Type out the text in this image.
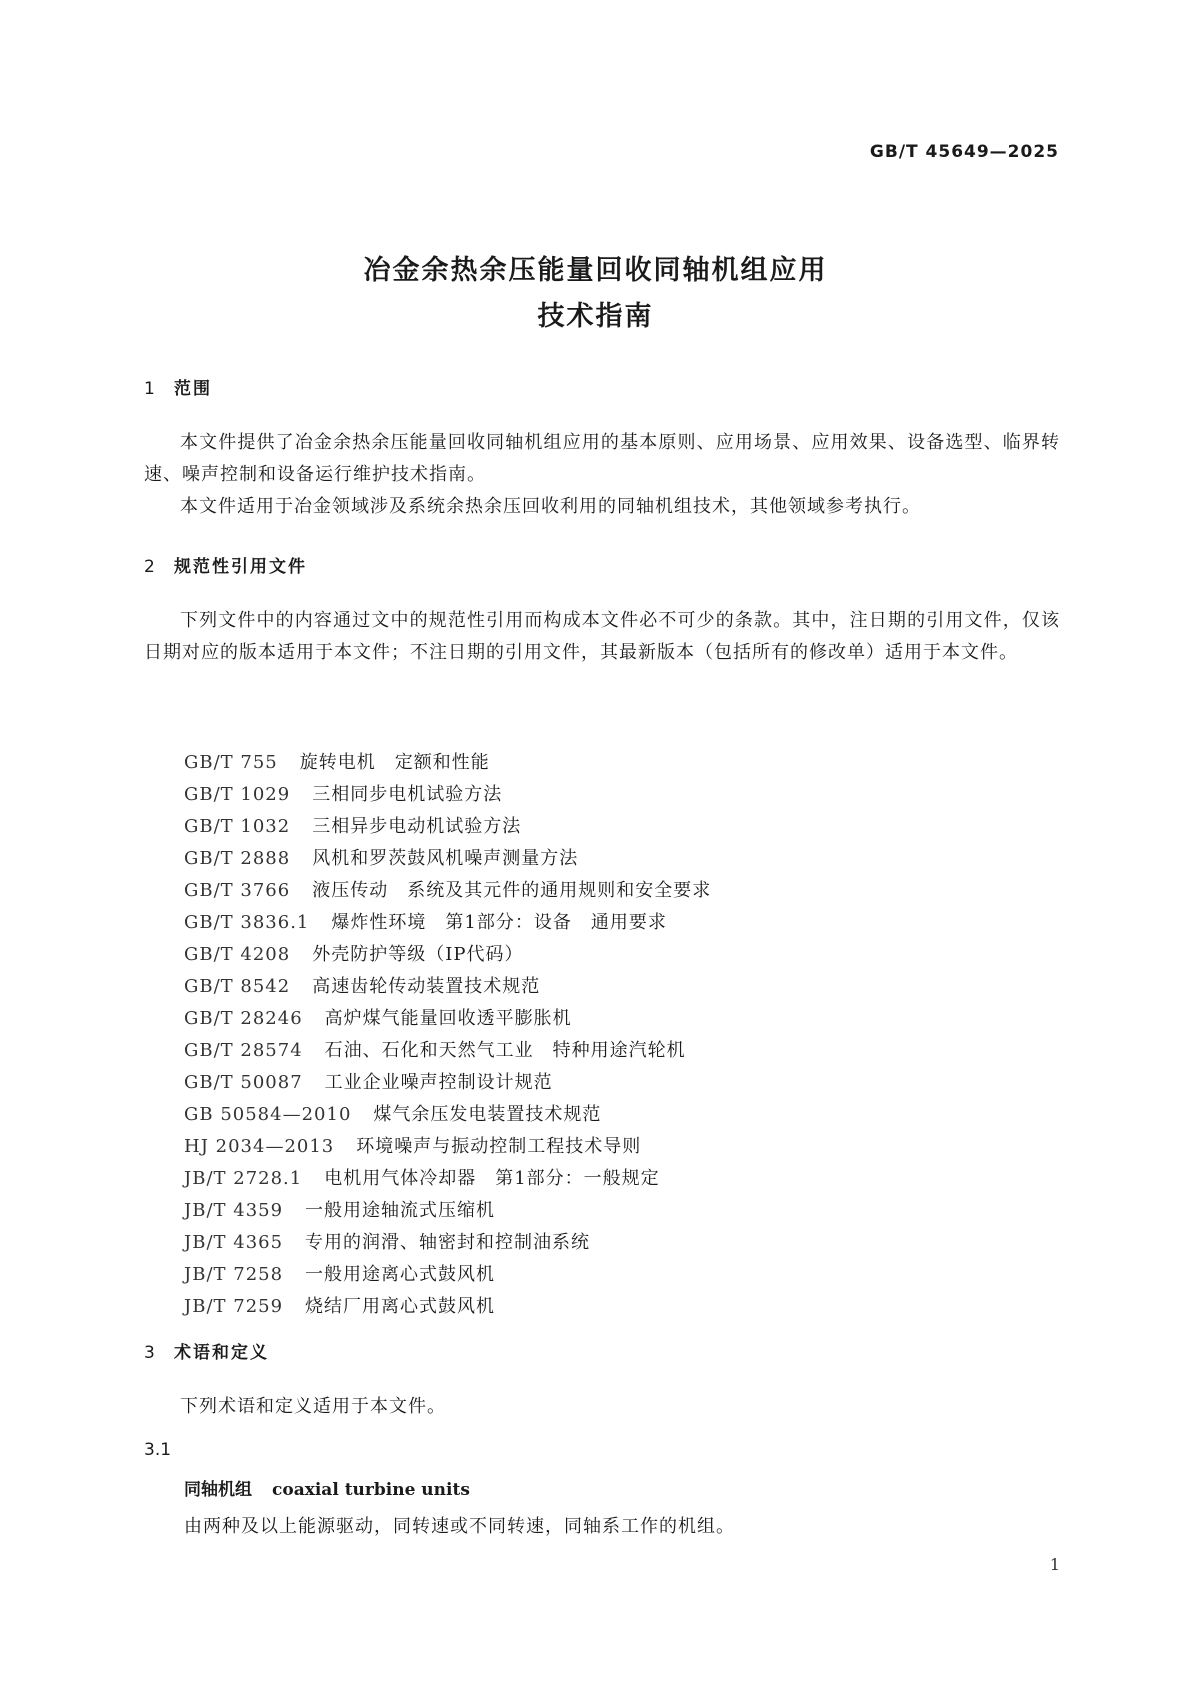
GB/T 45649—2025
冶金余热余压能量回收同轴机组应用
技术指南
1 范围
本文件提供了冶金余热余压能量回收同轴机组应用的基本原则、应用场景、应用效果、设备选型、临界转速、噪声控制和设备运行维护技术指南。
本文件适用于冶金领域涉及系统余热余压回收利用的同轴机组技术，其他领域参考执行。
2 规范性引用文件
下列文件中的内容通过文中的规范性引用而构成本文件必不可少的条款。其中，注日期的引用文件，仅该日期对应的版本适用于本文件；不注日期的引用文件，其最新版本（包括所有的修改单）适用于本文件。
GB/T 755 旋转电机　定额和性能
GB/T 1029 三相同步电机试验方法
GB/T 1032 三相异步电动机试验方法
GB/T 2888 风机和罗茨鼓风机噪声测量方法
GB/T 3766 液压传动　系统及其元件的通用规则和安全要求
GB/T 3836.1 爆炸性环境　第1部分：设备　通用要求
GB/T 4208 外壳防护等级（IP代码）
GB/T 8542 高速齿轮传动装置技术规范
GB/T 28246 高炉煤气能量回收透平膨胀机
GB/T 28574 石油、石化和天然气工业　特种用途汽轮机
GB/T 50087 工业企业噪声控制设计规范
GB 50584—2010 煤气余压发电装置技术规范
HJ 2034—2013 环境噪声与振动控制工程技术导则
JB/T 2728.1 电机用气体冷却器　第1部分：一般规定
JB/T 4359 一般用途轴流式压缩机
JB/T 4365 专用的润滑、轴密封和控制油系统
JB/T 7258 一般用途离心式鼓风机
JB/T 7259 烧结厂用离心式鼓风机
3 术语和定义
下列术语和定义适用于本文件。
3.1
同轴机组 coaxial turbine units
由两种及以上能源驱动，同转速或不同转速，同轴系工作的机组。
1
